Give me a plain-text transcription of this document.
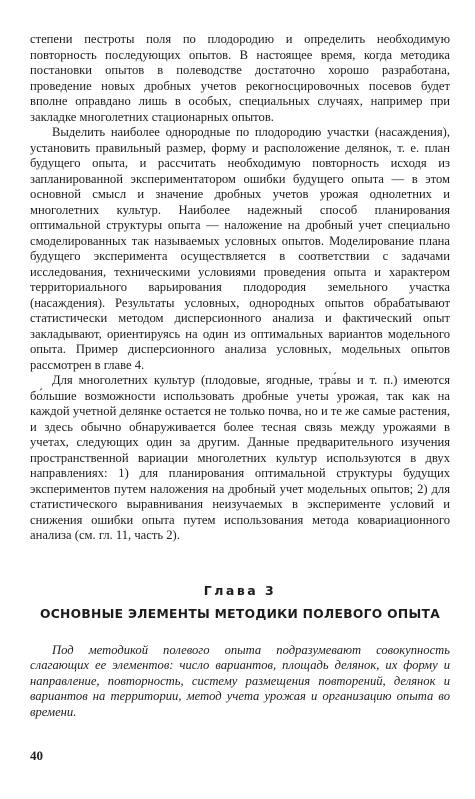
степени пестроты поля по плодородию и определить необходимую повторность последующих опытов. В настоящее время, когда методика постановки опытов в полеводстве достаточно хорошо разработана, проведение новых дробных учетов рекогносцировочных посевов будет вполне оправдано лишь в особых, специальных случаях, например при закладке многолетних стационарных опытов.

Выделить наиболее однородные по плодородию участки (насаждения), установить правильный размер, форму и расположение делянок, т. е. план будущего опыта, и рассчитать необходимую повторность исходя из запланированной экспериментатором ошибки будущего опыта — в этом основной смысл и значение дробных учетов урожая однолетних и многолетних культур. Наиболее надежный способ планирования оптимальной структуры опыта — наложение на дробный учет специально смоделированных так называемых условных опытов. Моделирование плана будущего эксперимента осуществляется в соответствии с задачами исследования, техническими условиями проведения опыта и характером территориального варьирования плодородия земельного участка (насаждения). Результаты условных, однородных опытов обрабатывают статистически методом дисперсионного анализа и фактический опыт закладывают, ориентируясь на один из оптимальных вариантов модельного опыта. Пример дисперсионного анализа условных, модельных опытов рассмотрен в главе 4.

Для многолетних культур (плодовые, ягодные, тра́вы и т. п.) имеются бо́льшие возможности использовать дробные учеты урожая, так как на каждой учетной делянке остается не только почва, но и те же самые растения, и здесь обычно обнаруживается более тесная связь между урожаями в учетах, следующих один за другим. Данные предварительного изучения пространственной вариации многолетних культур используются в двух направлениях: 1) для планирования оптимальной структуры будущих экспериментов путем наложения на дробный учет модельных опытов; 2) для статистического выравнивания неизучаемых в эксперименте условий и снижения ошибки опыта путем использования метода ковариационного анализа (см. гл. 11, часть 2).

Глава 3
ОСНОВНЫЕ ЭЛЕМЕНТЫ МЕТОДИКИ ПОЛЕВОГО ОПЫТА

Под методикой полевого опыта подразумевают совокупность слагающих ее элементов: число вариантов, площадь делянок, их форму и направление, повторность, систему размещения повторений, делянок и вариантов на территории, метод учета урожая и организацию опыта во времени.

40
